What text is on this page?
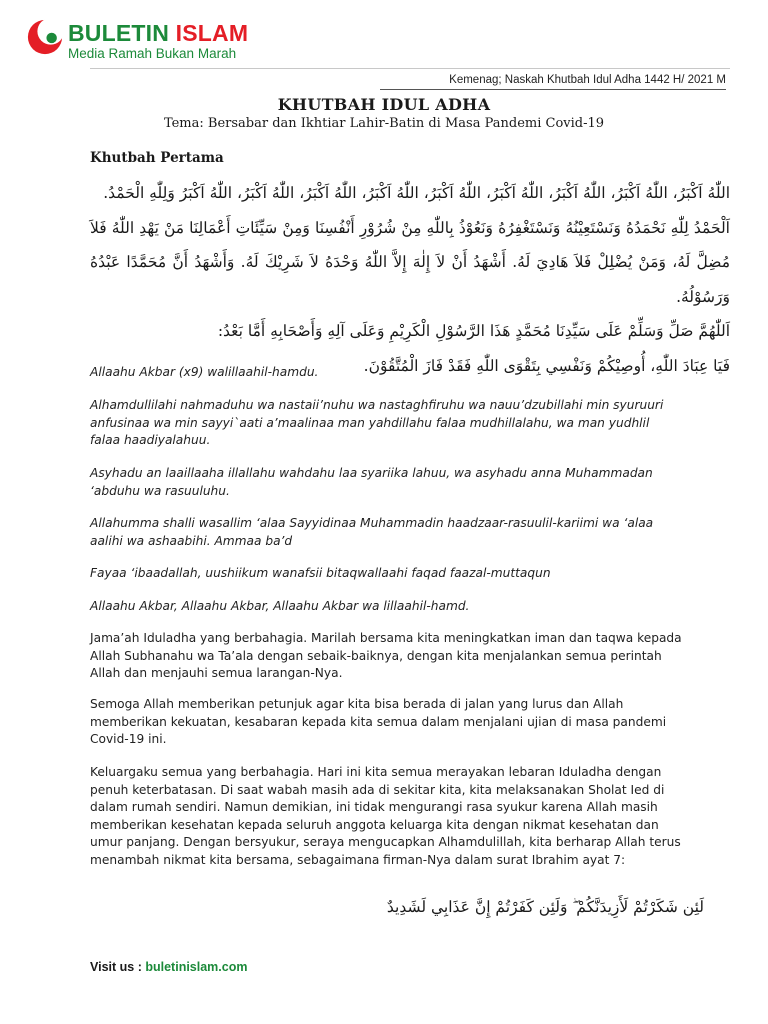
BULETIN ISLAM
Media Ramah Bukan Marah
Kemenag; Naskah Khutbah Idul Adha 1442 H/ 2021 M
KHUTBAH IDUL ADHA
Tema: Bersabar dan Ikhtiar Lahir-Batin di Masa Pandemi Covid-19
Khutbah Pertama

اللّٰهُ اَكْبَرُ، اللّٰهُ اَكْبَرُ، اللّٰهُ اَكْبَرُ، اللّٰهُ اَكْبَرُ، اللّٰهُ اَكْبَرُ، اللّٰهُ اَكْبَرُ، اللّٰهُ اَكْبَرُ، اللّٰهُ اَكْبَرُ، اللّٰهُ اَكْبَرُ وَلِلّٰهِ الْحَمْدُ.

اَلْحَمْدُ لِلّٰهِ نَحْمَدُهُ وَنَسْتَعِيْنُهُ وَنَسْتَغْفِرُهُ وَنَعُوْذُ بِاللّٰهِ مِنْ شُرُوْرِ أَنْفُسِنَا وَمِنْ سَيِّئَاتِ أَعْمَالِنَا مَنْ يَهْدِ اللّٰهُ فَلاَ مُضِلَّ لَهُ، وَمَنْ يُضْلِلْ فَلاَ هَادِيَ لَهُ. أَشْهَدُ أَنْ لاَ إِلٰهَ إِلاَّ اللّٰهُ وَحْدَهُ لاَ شَرِيْكَ لَهُ. وَأَشْهَدُ أَنَّ مُحَمَّدًا عَبْدُهُ وَرَسُوْلُهُ.

اَللّٰهُمَّ صَلِّ وَسَلِّمْ عَلَى سَيِّدِنَا مُحَمَّدٍ هَذَا الرَّسُوْلِ الْكَرِيْمِ وَعَلَى آلِهِ وَأَصْحَابِهِ أَمَّا بَعْدُ:

فَيَا عِبَادَ اللّٰهِ، أُوصِيْكُمْ وَنَفْسِي بِتَقْوَى اللّٰهِ فَقَدْ فَازَ الْمُتَّقُوْنَ.

Allaahu Akbar (x9) walillaahil-hamdu.
Alhamdullilahi nahmaduhu wa nastaii’nuhu wa nastaghfiruhu wa nauu’dzubillahi min syuruuri anfusinaa wa min sayyi`aati a’maalinaa man yahdillahu falaa mudhillalahu, wa man yudhlil falaa haadiyalahuu.
Asyhadu an laaillaaha illallahu wahdahu laa syariika lahuu, wa asyhadu anna Muhammadan ‘abduhu wa rasuuluhu.
Allahumma shalli wasallim ‘alaa Sayyidinaa Muhammadin haadzaar-rasuulil-kariimi wa ‘alaa aalihi wa ashaabihi. Ammaa ba’d
Fayaa ‘ibaadallah, uushiikum wanafsii bitaqwallaahi faqad faazal-muttaqun
Allaahu Akbar, Allaahu Akbar, Allaahu Akbar wa lillaahil-hamd.
Jama’ah Iduladha yang berbahagia. Marilah bersama kita meningkatkan iman dan taqwa kepada Allah Subhanahu wa Ta’ala dengan sebaik-baiknya, dengan kita menjalankan semua perintah Allah dan menjauhi semua larangan-Nya.
Semoga Allah memberikan petunjuk agar kita bisa berada di jalan yang lurus dan Allah memberikan kekuatan, kesabaran kepada kita semua dalam menjalani ujian di masa pandemi Covid-19 ini.
Keluargaku semua yang berbahagia. Hari ini kita semua merayakan lebaran Iduladha dengan penuh keterbatasan. Di saat wabah masih ada di sekitar kita, kita melaksanakan Sholat Ied di dalam rumah sendiri. Namun demikian, ini tidak mengurangi rasa syukur karena Allah masih memberikan kesehatan kepada seluruh anggota keluarga kita dengan nikmat kesehatan dan umur panjang. Dengan bersyukur, seraya mengucapkan Alhamdulillah, kita berharap Allah terus menambah nikmat kita bersama, sebagaimana firman-Nya dalam surat Ibrahim ayat 7:
لَئِن شَكَرْتُمْ لَأَزِيدَنَّكُمْ ۖ وَلَئِن كَفَرْتُمْ إِنَّ عَذَابِي لَشَدِيدٌ
Visit us : buletinislam.com
